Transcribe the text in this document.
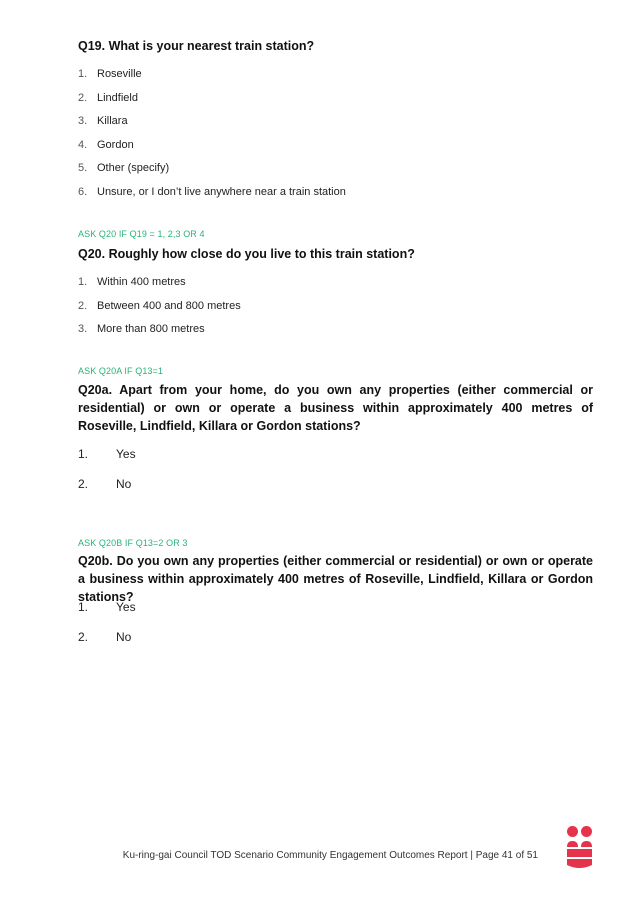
Q19. What is your nearest train station?
1. Roseville
2. Lindfield
3. Killara
4. Gordon
5. Other (specify)
6. Unsure, or I don’t live anywhere near a train station
ASK Q20 IF Q19 = 1, 2,3 OR 4
Q20. Roughly how close do you live to this train station?
1. Within 400 metres
2. Between 400 and 800 metres
3. More than 800 metres
ASK Q20A IF Q13=1
Q20a. Apart from your home, do you own any properties (either commercial or residential) or own or operate a business within approximately 400 metres of Roseville, Lindfield, Killara or Gordon stations?
1. Yes
2. No
ASK Q20B IF Q13=2 OR 3
Q20b. Do you own any properties (either commercial or residential) or own or operate a business within approximately 400 metres of Roseville, Lindfield, Killara or Gordon stations?
1. Yes
2. No
Ku-ring-gai Council TOD Scenario Community Engagement Outcomes Report | Page 41 of 51
